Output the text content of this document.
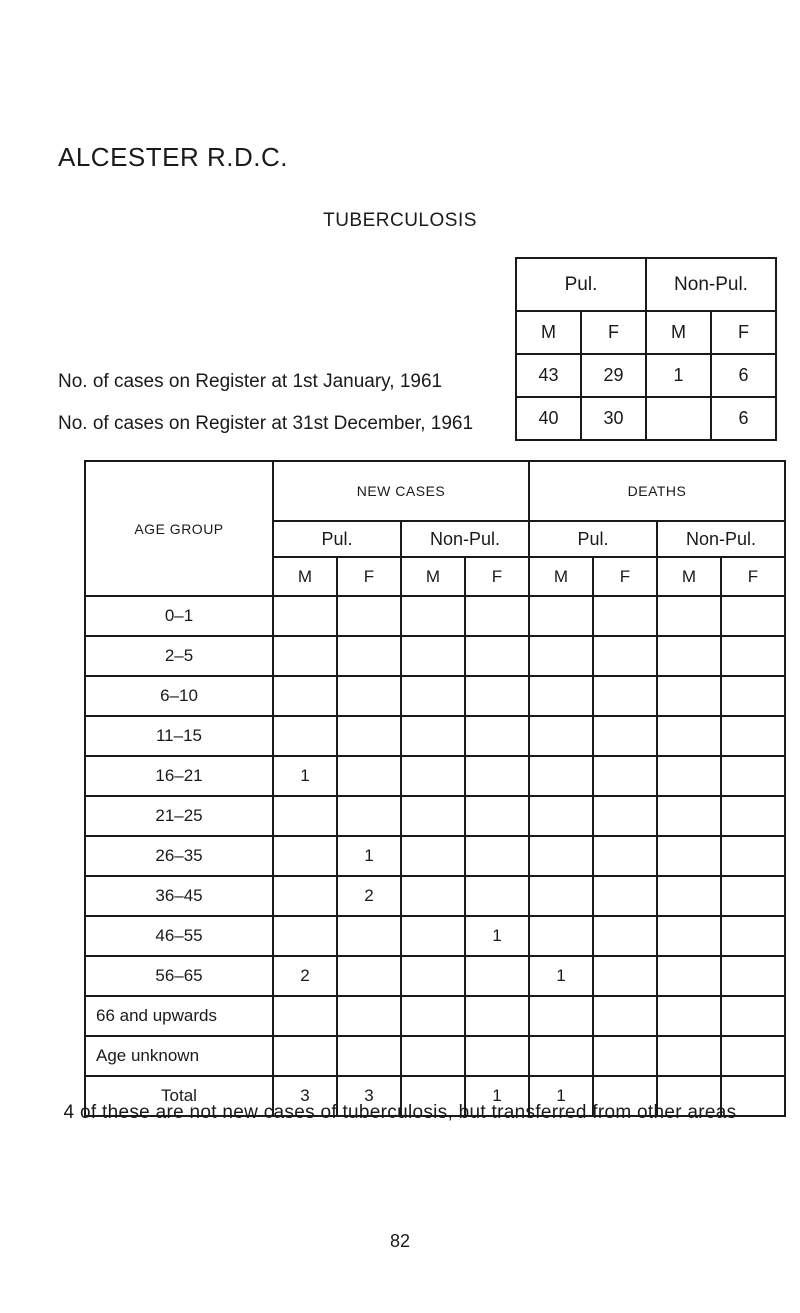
ALCESTER R.D.C.
TUBERCULOSIS
No. of cases on Register at 1st January, 1961
No. of cases on Register at 31st December, 1961
Pul.		Non-Pul.	
M	F	M	F
43	29	1	6
40	30		6
AGE GROUP	NEW CASES				DEATHS			
	Pul.		Non-Pul.		Pul.		Non-Pul.	
	M	F	M	F	M	F	M	F
0–1								
2–5								
6–10								
11–15								
16–21	1							
21–25								
26–35		1						
36–45		2						
46–55				1				
56–65	2				1			
66 and upwards								
Age unknown								
Total	3	3		1	1			
4 of these are not new cases of tuberculosis, but transferred from other areas
82
